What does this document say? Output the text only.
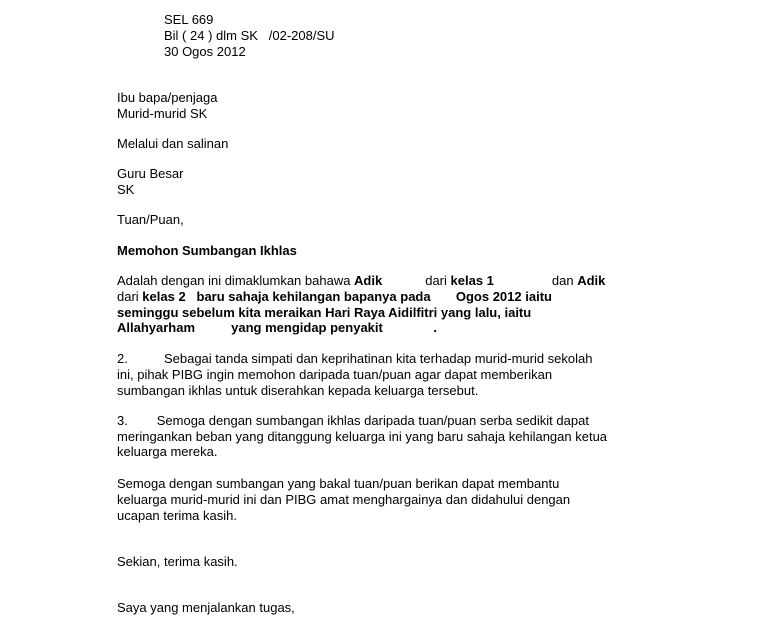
SEL 669
Bil ( 24 ) dlm SK   /02-208/SU
30 Ogos 2012
Ibu bapa/penjaga
Murid-murid SK
Melalui dan salinan
Guru Besar
SK
Tuan/Puan,
Memohon Sumbangan Ikhlas
Adalah dengan ini dimaklumkan bahawa Adik	dari kelas 1	dan Adik
dari kelas 2   baru sahaja kehilangan bapanya pada       Ogos 2012 iaitu
seminggu sebelum kita meraikan Hari Raya Aidilfitri yang lalu, iaitu
Allahyarham          yang mengidap penyakit              .
2.          Sebagai tanda simpati dan keprihatinan kita terhadap murid-murid sekolah
ini, pihak PIBG ingin memohon daripada tuan/puan agar dapat memberikan
sumbangan ikhlas untuk diserahkan kepada keluarga tersebut.
3.        Semoga dengan sumbangan ikhlas daripada tuan/puan serba sedikit dapat
meringankan beban yang ditanggung keluarga ini yang baru sahaja kehilangan ketua
keluarga mereka.
Semoga dengan sumbangan yang bakal tuan/puan berikan dapat membantu
keluarga murid-murid ini dan PIBG amat menghargainya dan didahului dengan
ucapan terima kasih.
Sekian, terima kasih.
Saya yang menjalankan tugas,
